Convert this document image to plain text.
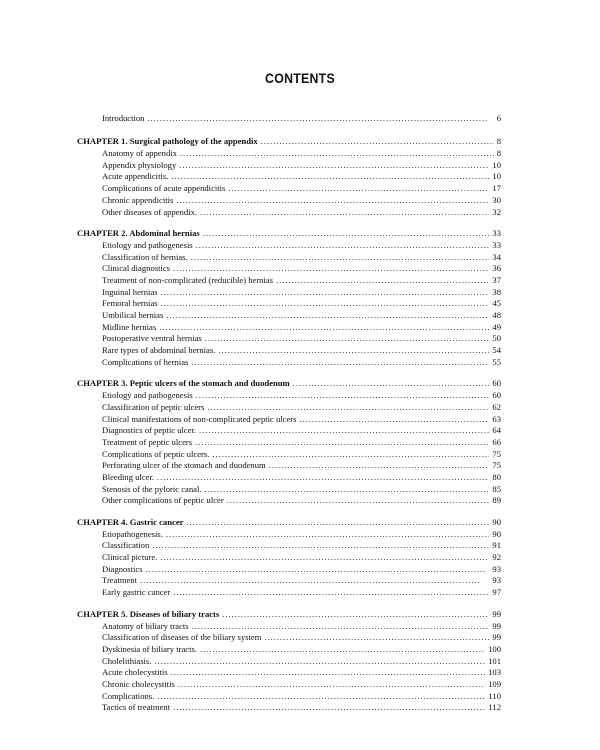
CONTENTS
Introduction . . .	6
CHAPTER 1. Surgical pathology of the appendix . . .	8
Anatomy of appendix . . .	8
Appendix physiology . . .	10
Acute appendicitis. . . .	10
Complications of acute appendicitis . . .	17
Chronic appendicitis . . .	30
Other diseases of appendix. . . .	32
CHAPTER 2. Abdominal hernias . . .	33
Etiology and pathogenesis . . .	33
Classification of hernias. . . .	34
Clinical diagnostics . . .	36
Treatment of non-complicated (reducible) hernias . . .	37
Inguinal hernias . . .	38
Femoral hernias . . .	45
Umbilical hernias . . .	48
Midline hernias . . .	49
Postoperative ventral hernias . . .	50
Rare types of abdominal hernias. . . .	54
Complications of hernias . . .	55
CHAPTER 3. Peptic ulcers of the stomach and duodenum . . .	60
Etiology and pathogenesis . . .	60
Classification of peptic ulcers . . .	62
Clinical manifestations of non-complicated peptic ulcers . . .	63
Diagnostics of peptic ulcer. . . .	64
Treatment of peptic ulcers . . .	66
Complications of peptic ulcers. . . .	75
Perforating ulcer of the stomach and duodenum . . .	75
Bleeding ulcer. . . .	80
Stenosis of the pyloric canal. . . .	85
Other complications of peptic ulcer . . .	89
CHAPTER 4. Gastric cancer . . .	90
Etiopathogenesis. . . .	90
Classification . . .	91
Clinical picture. . . .	92
Diagnostics . . .	93
Treatment . . .	93
Early gastric cancer . . .	97
CHAPTER 5. Diseases of biliary tracts . . .	99
Anatomy of biliary tracts . . .	99
Classification of diseases of the biliary system . . .	99
Dyskinesia of biliary tracts. . . .	100
Cholelithiasis. . . .	101
Acute cholecystitis . . .	103
Chronic cholecystitis . . .	109
Complications. . . .	110
Tactics of treatment . . .	112
